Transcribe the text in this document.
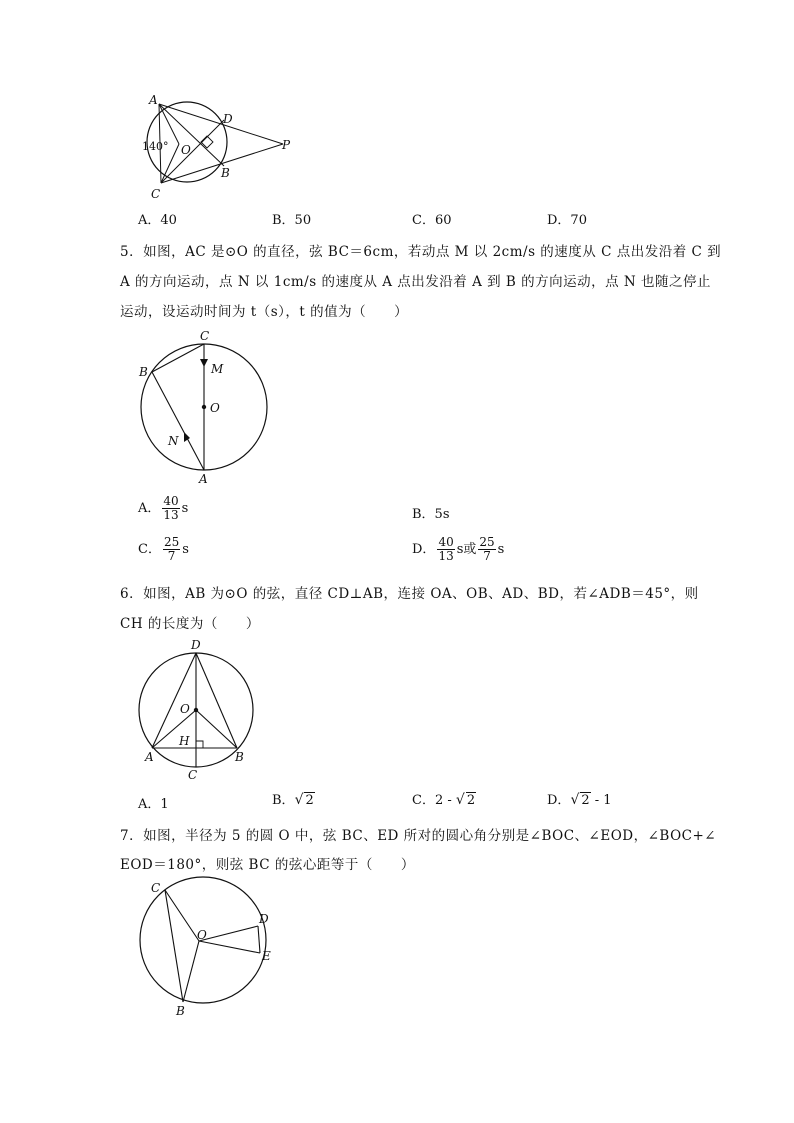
A
D
O
B
C
P
140°
A．40	B．50	C．60	D．70
5．如图，AC 是⊙O 的直径，弦 BC＝6cm，若动点 M 以 2cm/s 的速度从 C 点出发沿着 C 到
A 的方向运动，点 N 以 1cm/s 的速度从 A 点出发沿着 A 到 B 的方向运动，点 N 也随之停止
运动，设运动时间为 t（s），t 的值为（　　）
C
B	M
O
N
A
A． $\frac{40}{13}$ s	B．5s
C． $\frac{25}{7}$ s	D． $\frac{40}{13}$ s或 $\frac{25}{7}$ s
6．如图，AB 为⊙O 的弦，直径 CD⊥AB，连接 OA、OB、AD、BD，若∠ADB＝45°，则
CH 的长度为（　　）
D
O
H
A	B
C
A．1	B．√ 2	C．2 - √ 2	D．√ 2 - 1
7．如图，半径为 5 的圆 O 中，弦 BC、ED 所对的圆心角分别是∠BOC、∠EOD，∠BOC+∠
EOD＝180°，则弦 BC 的弦心距等于（　　）
C
D
O
E
B
